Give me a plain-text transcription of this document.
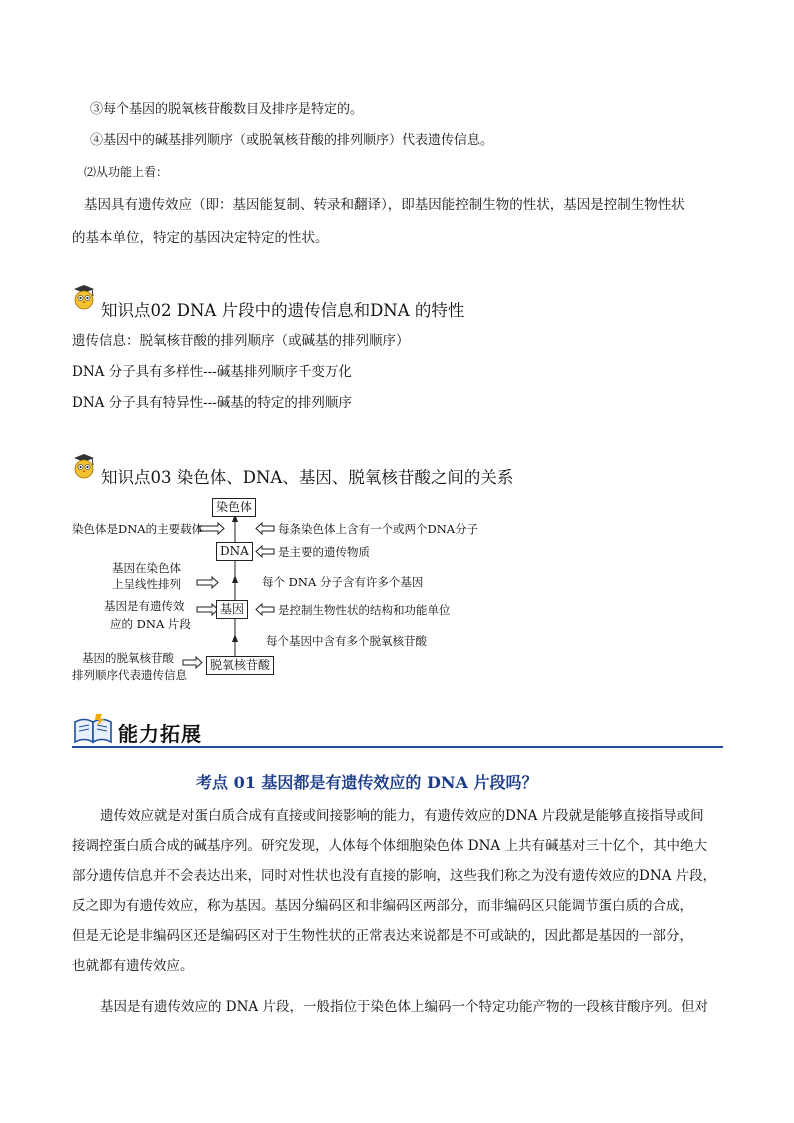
③每个基因的脱氧核苷酸数目及排序是特定的。
④基因中的碱基排列顺序（或脱氧核苷酸的排列顺序）代表遗传信息。
⑵从功能上看：
基因具有遗传效应（即：基因能复制、转录和翻译），即基因能控制生物的性状，基因是控制生物性状
的基本单位，特定的基因决定特定的性状。
知识点02 DNA 片段中的遗传信息和DNA 的特性
遗传信息：脱氧核苷酸的排列顺序（或碱基的排列顺序）
DNA 分子具有多样性---碱基排列顺序千变万化
DNA 分子具有特异性---碱基的特定的排列顺序
知识点03 染色体、DNA、基因、脱氧核苷酸之间的关系
染色体
DNA
基因
脱氧核苷酸
染色体是DNA的主要载体
基因在染色体
上呈线性排列
基因是有遗传效
应的 DNA 片段
基因的脱氧核苷酸
排列顺序代表遗传信息
每条染色体上含有一个或两个DNA分子
是主要的遗传物质
每个 DNA 分子含有许多个基因
是控制生物性状的结构和功能单位
每个基因中含有多个脱氧核苷酸
能力拓展
考点 01 基因都是有遗传效应的 DNA 片段吗？
遗传效应就是对蛋白质合成有直接或间接影响的能力，有遗传效应的DNA 片段就是能够直接指导或间
接调控蛋白质合成的碱基序列。研究发现，人体每个体细胞染色体 DNA 上共有碱基对三十亿个，其中绝大
部分遗传信息并不会表达出来，同时对性状也没有直接的影响，这些我们称之为没有遗传效应的DNA 片段，
反之即为有遗传效应，称为基因。基因分编码区和非编码区两部分，而非编码区只能调节蛋白质的合成，
但是无论是非编码区还是编码区对于生物性状的正常表达来说都是不可或缺的，因此都是基因的一部分，
也就都有遗传效应。
基因是有遗传效应的 DNA 片段，一般指位于染色体上编码一个特定功能产物的一段核苷酸序列。但对
